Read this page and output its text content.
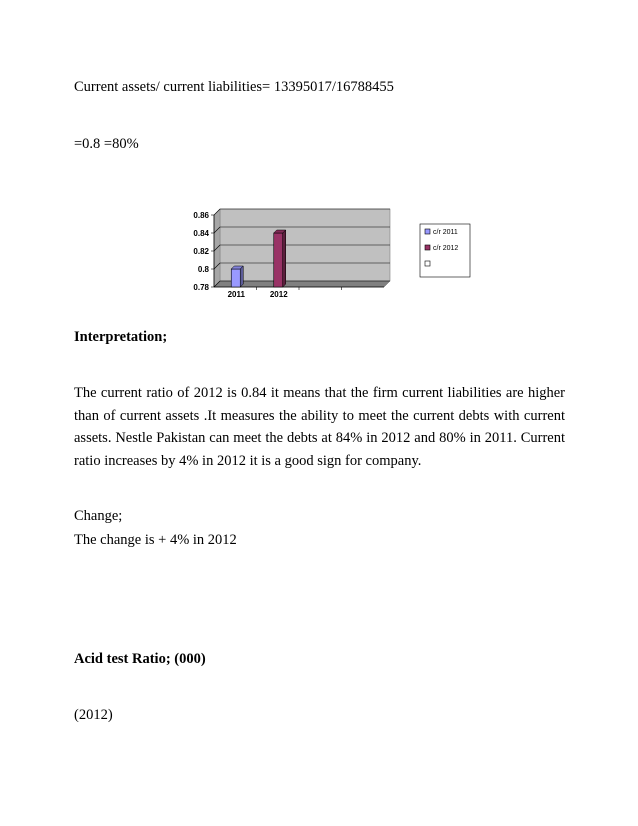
Current assets/ current liabilities= 13395017/16788455
=0.8 =80%
0.78
0.8
0.82
0.84
0.86
2011	2012
c/r 2011
c/r 2012
Interpretation;
The current ratio of 2012 is 0.84 it means that the firm current liabilities are higher than of current assets .It measures the ability to meet the current debts with current assets. Nestle Pakistan can meet the debts at 84% in 2012 and 80% in 2011. Current ratio increases by 4% in 2012 it is a good sign for company.
Change;
The change is + 4% in 2012
Acid test Ratio; (000)
(2012)
